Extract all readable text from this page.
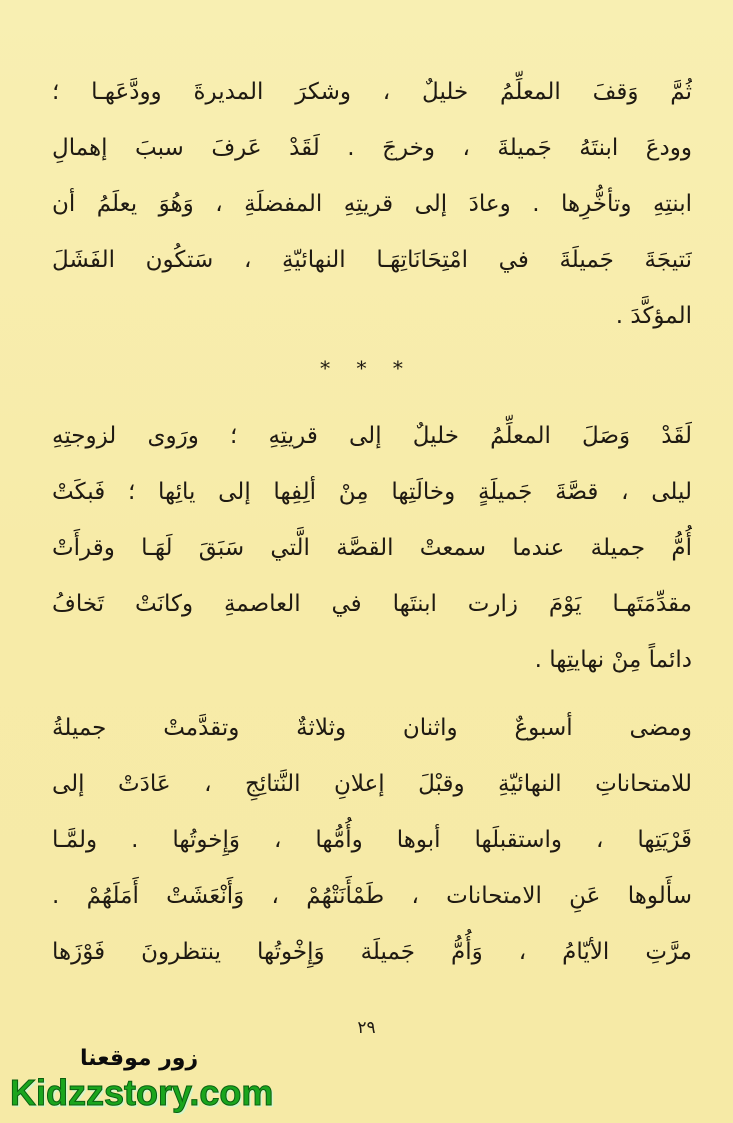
ثُمَّ وَقفَ المعلِّمُ خليلٌ ، وشكرَ المديرةَ وودَّعَهـا ؛
وودعَ ابنتَهُ جَميلةَ ، وخرجَ . لَقَدْ عَرفَ سببَ إهمالِ
ابنتِهِ وتأخُّرِها . وعادَ إلى قريتِهِ المفضلَةِ ، وَهُوَ يعلَمُ أن
نَتيجَةَ جَميلَةَ في امْتِحَانَاتِهَـا النهائيّةِ ، سَتكُون الفَشَلَ
المؤكَّدَ .
* * *
لَقَدْ وَصَلَ المعلِّمُ خليلٌ إلى قريتِهِ ؛ ورَوى لزوجتِهِ
ليلى ، قصَّةَ جَميلَةٍ وخالَتِها مِنْ ألِفِها إلى يائِها ؛ فَبكَتْ
أُمُّ جميلة عندما سمعتْ القصَّة الَّتي سَبَقَ لَهَـا وقرأَتْ
مقدِّمَتَهـا يَوْمَ زارت ابنتَها في العاصمةِ وكانَتْ تَخافُ
دائماً مِنْ نهايتِها .
ومضى أسبوعٌ واثنان وثلاثةٌ وتقدَّمتْ جميلةُ
للامتحاناتِ النهائيّةِ وقبْلَ إعلانِ النَّتائِجِ ، عَادَتْ إلى
قَرْيَتِها ، واستقبلَها أبوها وأُمُّها ، وَإِخوتُها . ولمَّـا
سأَلوها عَنِ الامتحانات ، طَمْأَنَتْهُمْ ، وَأَنْعَشَتْ أَمَلَهُمْ .
مرَّتِ الأيّامُ ، وَأُمُّ جَميلَة وَإِخْوتُها ينتظرونَ فَوْزَها
٢٩
زور موقعنا
Kidzzstory.com
